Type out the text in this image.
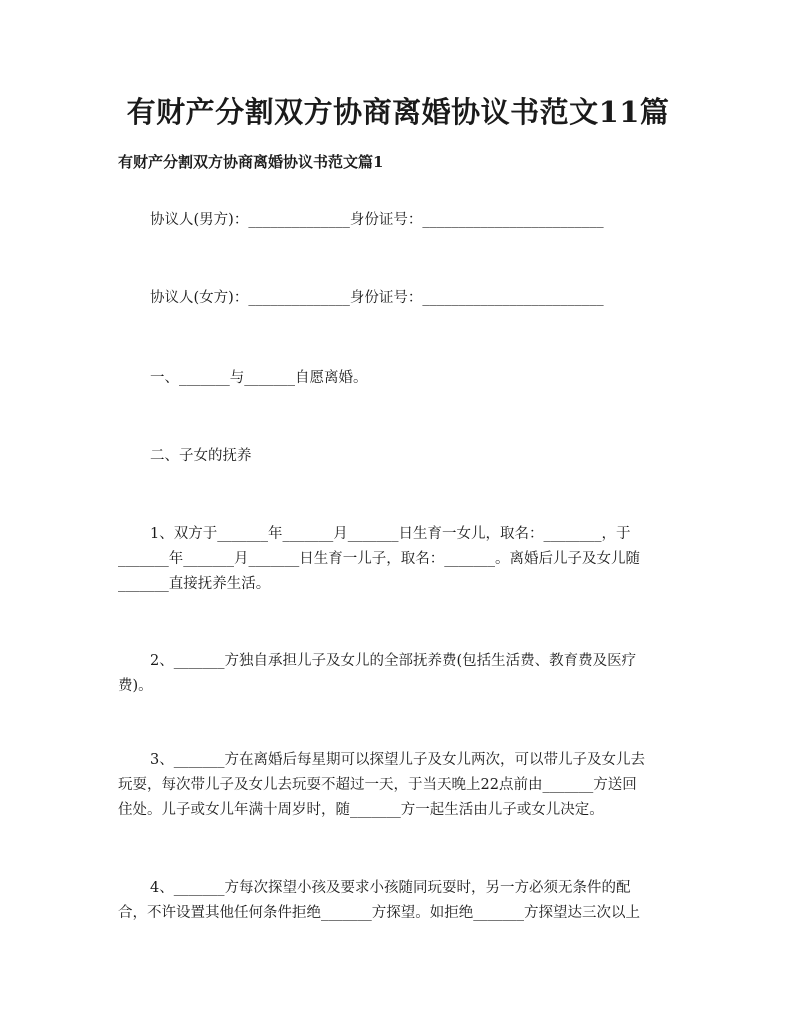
有财产分割双方协商离婚协议书范文11篇
有财产分割双方协商离婚协议书范文篇1
协议人(男方)：______________身份证号：_________________________
协议人(女方)：______________身份证号：_________________________
一、_______与_______自愿离婚。
二、子女的抚养
1、双方于_______年_______月_______日生育一女儿，取名：________，于
_______年_______月_______日生育一儿子，取名：_______。离婚后儿子及女儿随
_______直接抚养生活。
2、_______方独自承担儿子及女儿的全部抚养费(包括生活费、教育费及医疗
费)。
3、_______方在离婚后每星期可以探望儿子及女儿两次，可以带儿子及女儿去
玩耍，每次带儿子及女儿去玩耍不超过一天，于当天晚上22点前由_______方送回
住处。儿子或女儿年满十周岁时，随_______方一起生活由儿子或女儿决定。
4、_______方每次探望小孩及要求小孩随同玩耍时，另一方必须无条件的配
合，不许设置其他任何条件拒绝_______方探望。如拒绝_______方探望达三次以上
